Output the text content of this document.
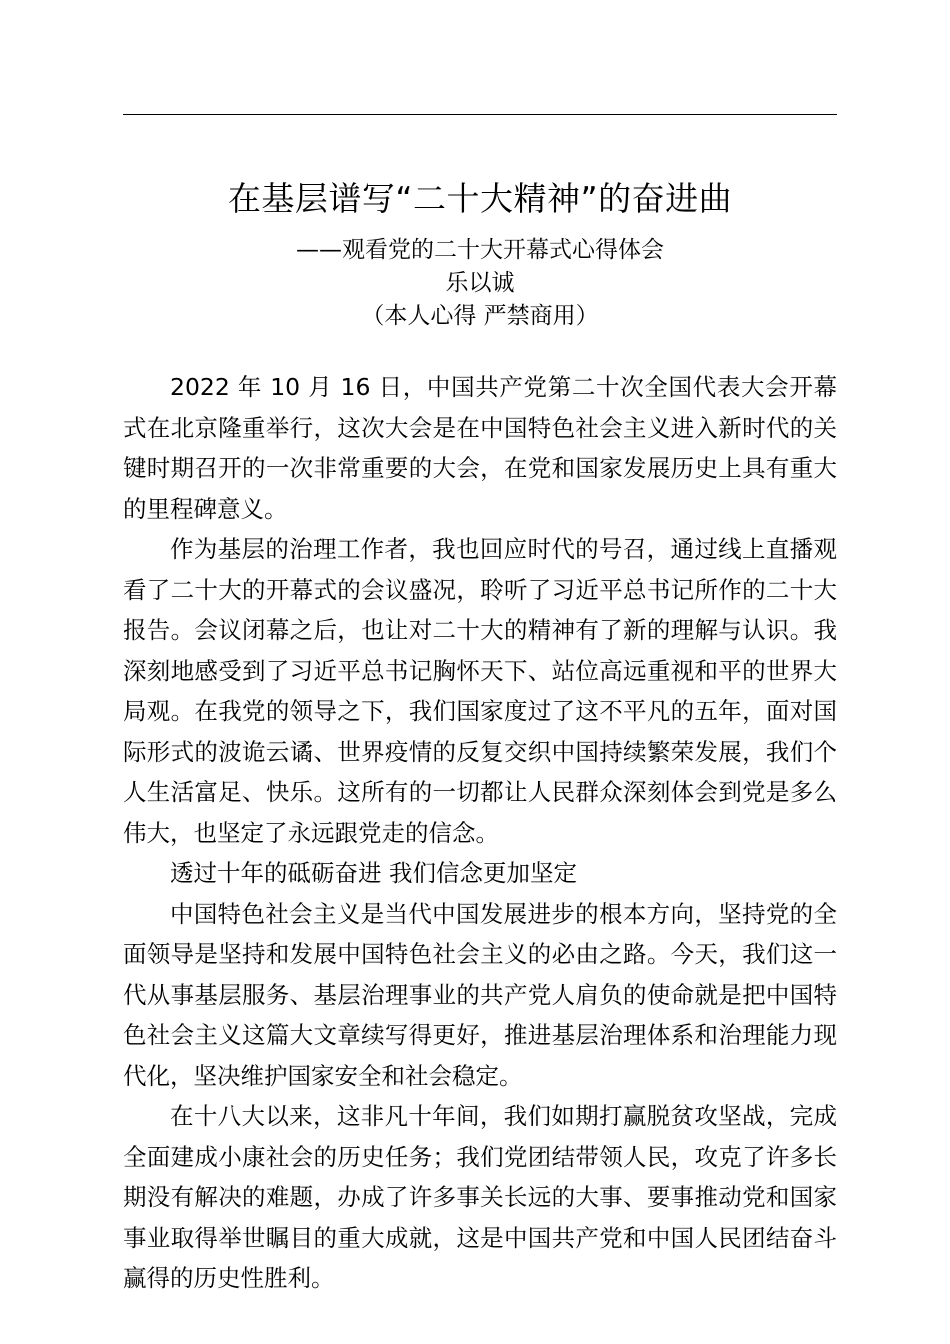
在基层谱写“二十大精神”的奋进曲

——观看党的二十大开幕式心得体会

乐以诚

（本人心得 严禁商用）

2022 年 10 月 16 日，中国共产党第二十次全国代表大会开幕式在北京隆重举行，这次大会是在中国特色社会主义进入新时代的关键时期召开的一次非常重要的大会，在党和国家发展历史上具有重大的里程碑意义。

作为基层的治理工作者，我也回应时代的号召，通过线上直播观看了二十大的开幕式的会议盛况，聆听了习近平总书记所作的二十大报告。会议闭幕之后，也让对二十大的精神有了新的理解与认识。我深刻地感受到了习近平总书记胸怀天下、站位高远重视和平的世界大局观。在我党的领导之下，我们国家度过了这不平凡的五年，面对国际形式的波诡云谲、世界疫情的反复交织中国持续繁荣发展，我们个人生活富足、快乐。这所有的一切都让人民群众深刻体会到党是多么伟大，也坚定了永远跟党走的信念。

透过十年的砥砺奋进 我们信念更加坚定

中国特色社会主义是当代中国发展进步的根本方向，坚持党的全面领导是坚持和发展中国特色社会主义的必由之路。今天，我们这一代从事基层服务、基层治理事业的共产党人肩负的使命就是把中国特色社会主义这篇大文章续写得更好，推进基层治理体系和治理能力现代化，坚决维护国家安全和社会稳定。

在十八大以来，这非凡十年间，我们如期打赢脱贫攻坚战，完成全面建成小康社会的历史任务；我们党团结带领人民，攻克了许多长期没有解决的难题，办成了许多事关长远的大事、要事推动党和国家事业取得举世瞩目的重大成就，这是中国共产党和中国人民团结奋斗赢得的历史性胜利。
